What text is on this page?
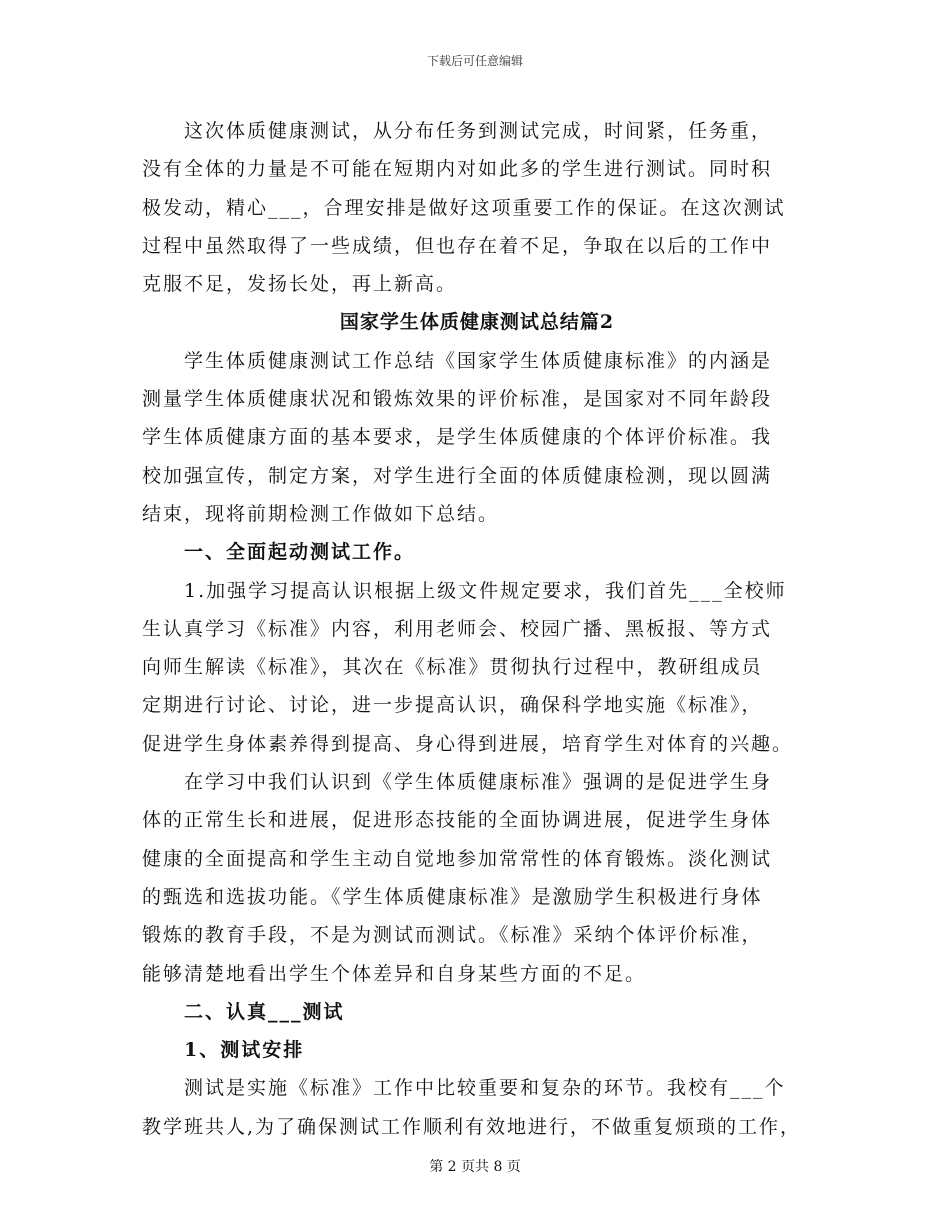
下载后可任意编辑
　　这次体质健康测试，从分布任务到测试完成，时间紧，任务重，
没有全体的力量是不可能在短期内对如此多的学生进行测试。同时积
极发动，精心___，合理安排是做好这项重要工作的保证。在这次测试
过程中虽然取得了一些成绩，但也存在着不足，争取在以后的工作中
克服不足，发扬长处，再上新高。
国家学生体质健康测试总结篇2
　　学生体质健康测试工作总结《国家学生体质健康标准》的内涵是
测量学生体质健康状况和锻炼效果的评价标准，是国家对不同年龄段
学生体质健康方面的基本要求，是学生体质健康的个体评价标准。我
校加强宣传，制定方案，对学生进行全面的体质健康检测，现以圆满
结束，现将前期检测工作做如下总结。
　　一、全面起动测试工作。
　　1.加强学习提高认识根据上级文件规定要求，我们首先___全校师
生认真学习《标准》内容，利用老师会、校园广播、黑板报、等方式
向师生解读《标准》，其次在《标准》贯彻执行过程中，教研组成员
定期进行讨论、讨论，进一步提高认识，确保科学地实施《标准》，
促进学生身体素养得到提高、身心得到进展，培育学生对体育的兴趣。
　　在学习中我们认识到《学生体质健康标准》强调的是促进学生身
体的正常生长和进展，促进形态技能的全面协调进展，促进学生身体
健康的全面提高和学生主动自觉地参加常常性的体育锻炼。淡化测试
的甄选和选拔功能。《学生体质健康标准》是激励学生积极进行身体
锻炼的教育手段，不是为测试而测试。《标准》采纳个体评价标准，
能够清楚地看出学生个体差异和自身某些方面的不足。
　　二、认真___测试
　　1、测试安排
　　测试是实施《标准》工作中比较重要和复杂的环节。我校有___个
教学班共人,为了确保测试工作顺利有效地进行，不做重复烦琐的工作，
第 2 页共 8 页
